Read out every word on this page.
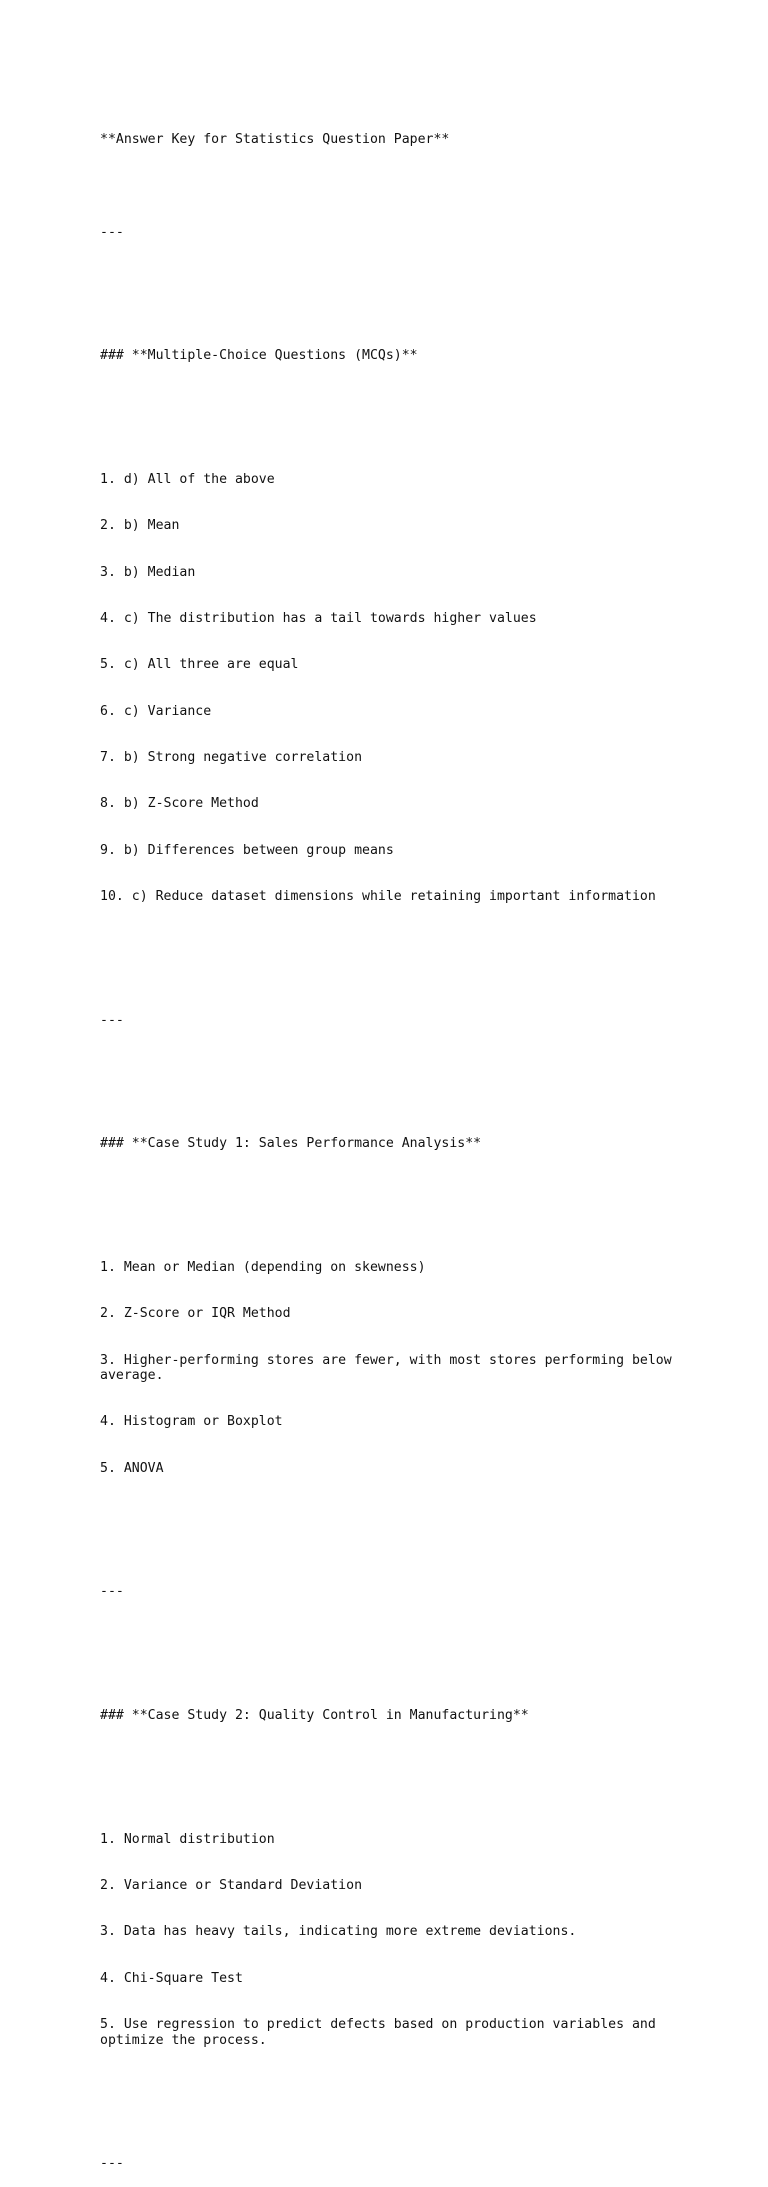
**Answer Key for Statistics Question Paper**

---

### **Multiple-Choice Questions (MCQs)**

1. d) All of the above

2. b) Mean

3. b) Median

4. c) The distribution has a tail towards higher values

5. c) All three are equal

6. c) Variance

7. b) Strong negative correlation

8. b) Z-Score Method

9. b) Differences between group means

10. c) Reduce dataset dimensions while retaining important information

---

### **Case Study 1: Sales Performance Analysis**

1. Mean or Median (depending on skewness)

2. Z-Score or IQR Method

3. Higher-performing stores are fewer, with most stores performing below average.

4. Histogram or Boxplot

5. ANOVA

---

### **Case Study 2: Quality Control in Manufacturing**

1. Normal distribution

2. Variance or Standard Deviation

3. Data has heavy tails, indicating more extreme deviations.

4. Chi-Square Test

5. Use regression to predict defects based on production variables and optimize the process.

---
